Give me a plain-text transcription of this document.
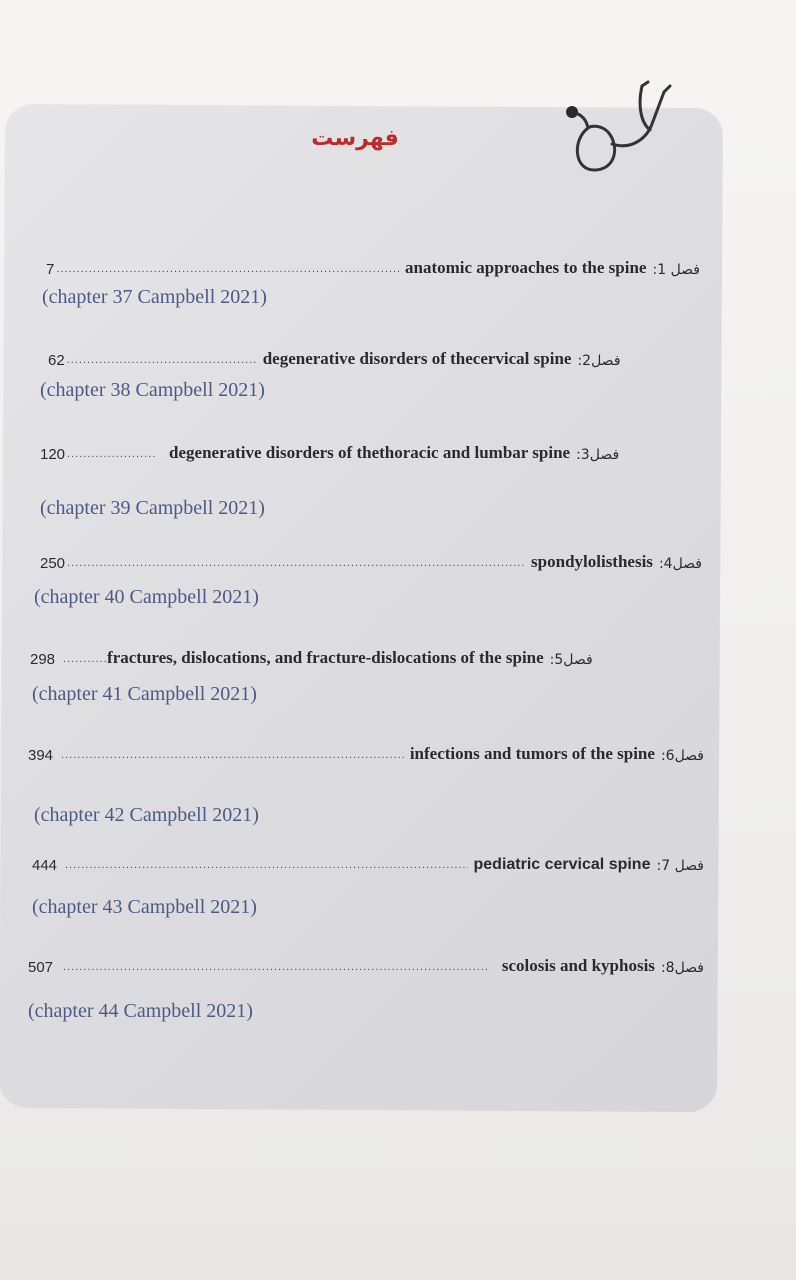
فهرست
7 .....	anatomic approaches to the spine :1 فصل
(chapter 37 Campbell 2021)
62 .....	degenerative disorders of thecervical spine :2فصل
(chapter 38 Campbell 2021)
120 .....	degenerative disorders of thethoracic and lumbar spine :3فصل
(chapter 39 Campbell 2021)
250 .....	spondylolisthesis :4فصل
(chapter 40 Campbell 2021)
298 .....	fractures, dislocations, and fracture-dislocations of the spine :5فصل
(chapter 41 Campbell 2021)
394 .....	infections and tumors of the spine :6فصل
(chapter 42 Campbell 2021)
444 .....	pediatric cervical spine :7 فصل
(chapter 43 Campbell 2021)
507 .....	scolosis and kyphosis :8فصل
(chapter 44 Campbell 2021)
